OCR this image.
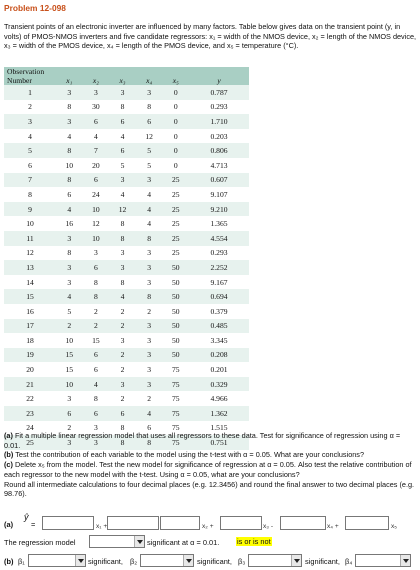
Problem 12-098
Transient points of an electronic inverter are influenced by many factors. Table below gives data on the transient point (y, in volts) of PMOS-NMOS inverters and five candidate regressors: x₁ = width of the NMOS device, x₂ = length of the NMOS device, x₃ = width of the PMOS device, x₄ = length of the PMOS device, and x₅ = temperature (°C).
Observation Number	x₁	x₂	x₃	x₄	x₅	y
1	3	3	3	3	0	0.787
2	8	30	8	8	0	0.293
3	3	6	6	6	0	1.710
4	4	4	4	12	0	0.203
5	8	7	6	5	0	0.806
6	10	20	5	5	0	4.713
7	8	6	3	3	25	0.607
8	6	24	4	4	25	9.107
9	4	10	12	4	25	9.210
10	16	12	8	4	25	1.365
11	3	10	8	8	25	4.554
12	8	3	3	3	25	0.293
13	3	6	3	3	50	2.252
14	3	8	8	3	50	9.167
15	4	8	4	8	50	0.694
16	5	2	2	2	50	0.379
17	2	2	2	3	50	0.485
18	10	15	3	3	50	3.345
19	15	6	2	3	50	0.208
20	15	6	2	3	75	0.201
21	10	4	3	3	75	0.329
22	3	8	2	2	75	4.966
23	6	6	6	4	75	1.362
24	2	3	8	6	75	1.515
25	3	3	8	8	75	0.751
(a) Fit a multiple linear regression model that uses all regressors to these data. Test for significance of regression using α = 0.01.
(b) Test the contribution of each variable to the model using the t-test with α = 0.05. What are your conclusions?
(c) Delete x₅ from the model. Test the new model for significance of regression at α = 0.05. Also test the relative contribution of each regressor to the new model with the t-test. Using α = 0.05, what are your conclusions?
Round all intermediate calculations to four decimal places (e.g. 12.3456) and round the final answer to two decimal places (e.g. 98.76).
(a)
ŷ
=	x₁ +	x₂ +	x₃ -	x₄ +	x₅
The regression model	significant at α = 0.01. is or is not
(b) β₁	significant, β₂	significant, β₃	significant, β₄
